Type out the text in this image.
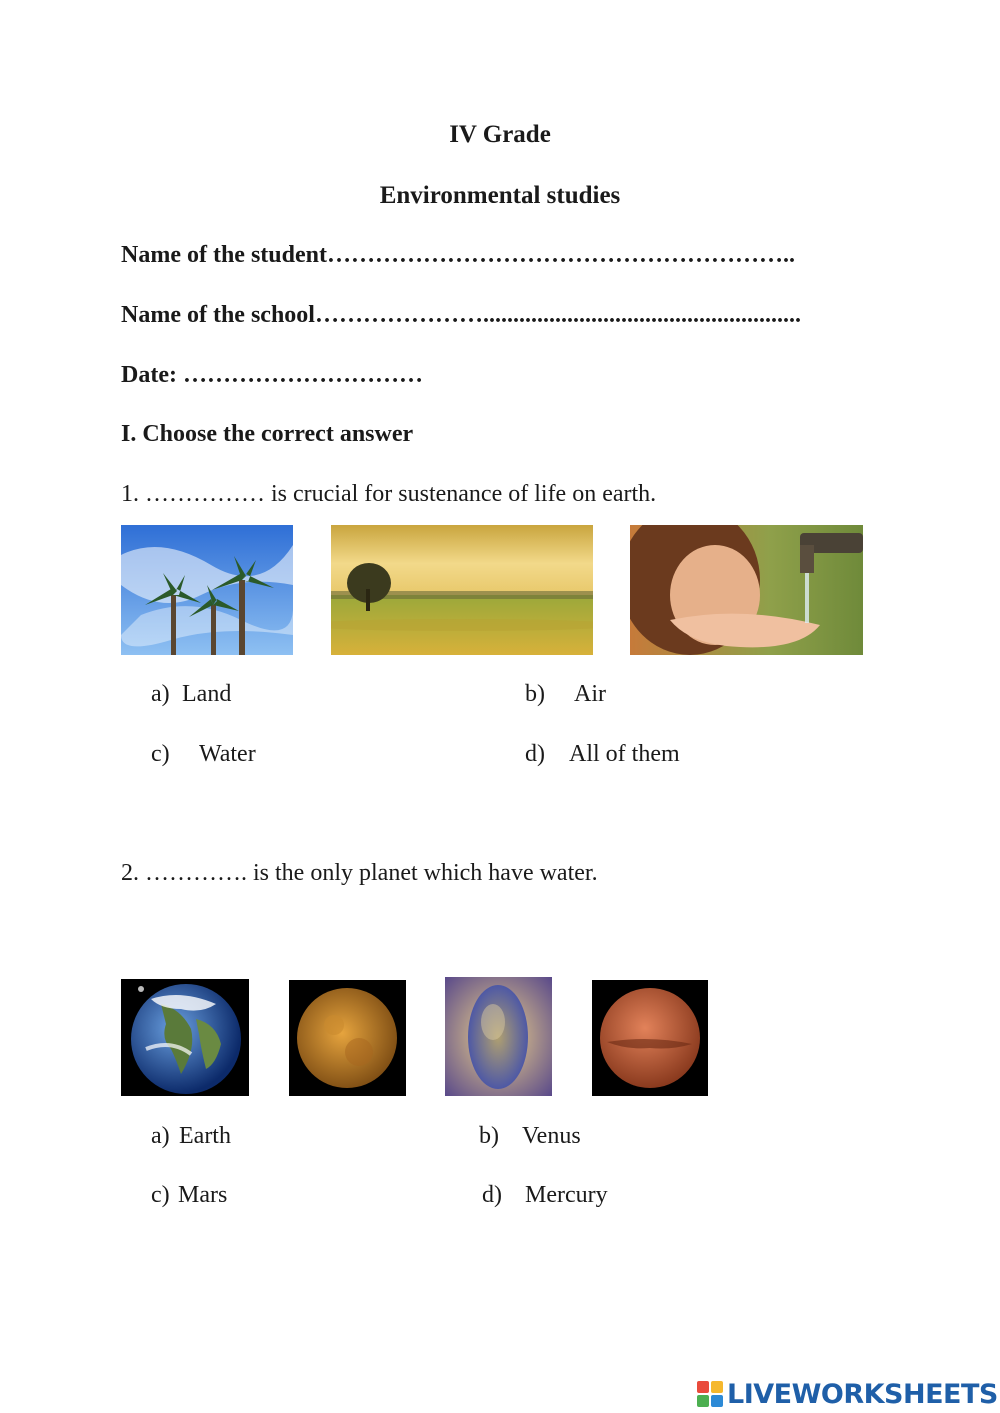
IV Grade
Environmental studies
Name of the student…………………………………………………..
Name of the school………………….....................................................
Date: …………………………
I. Choose the correct answer
1. …………… is crucial for sustenance of life on earth.
a) Land	b) Air
c) Water	d) All of them
2. …………. is the only planet which have water.
a) Earth	b) Venus
c) Mars	d) Mercury
LIVEWORKSHEETS
